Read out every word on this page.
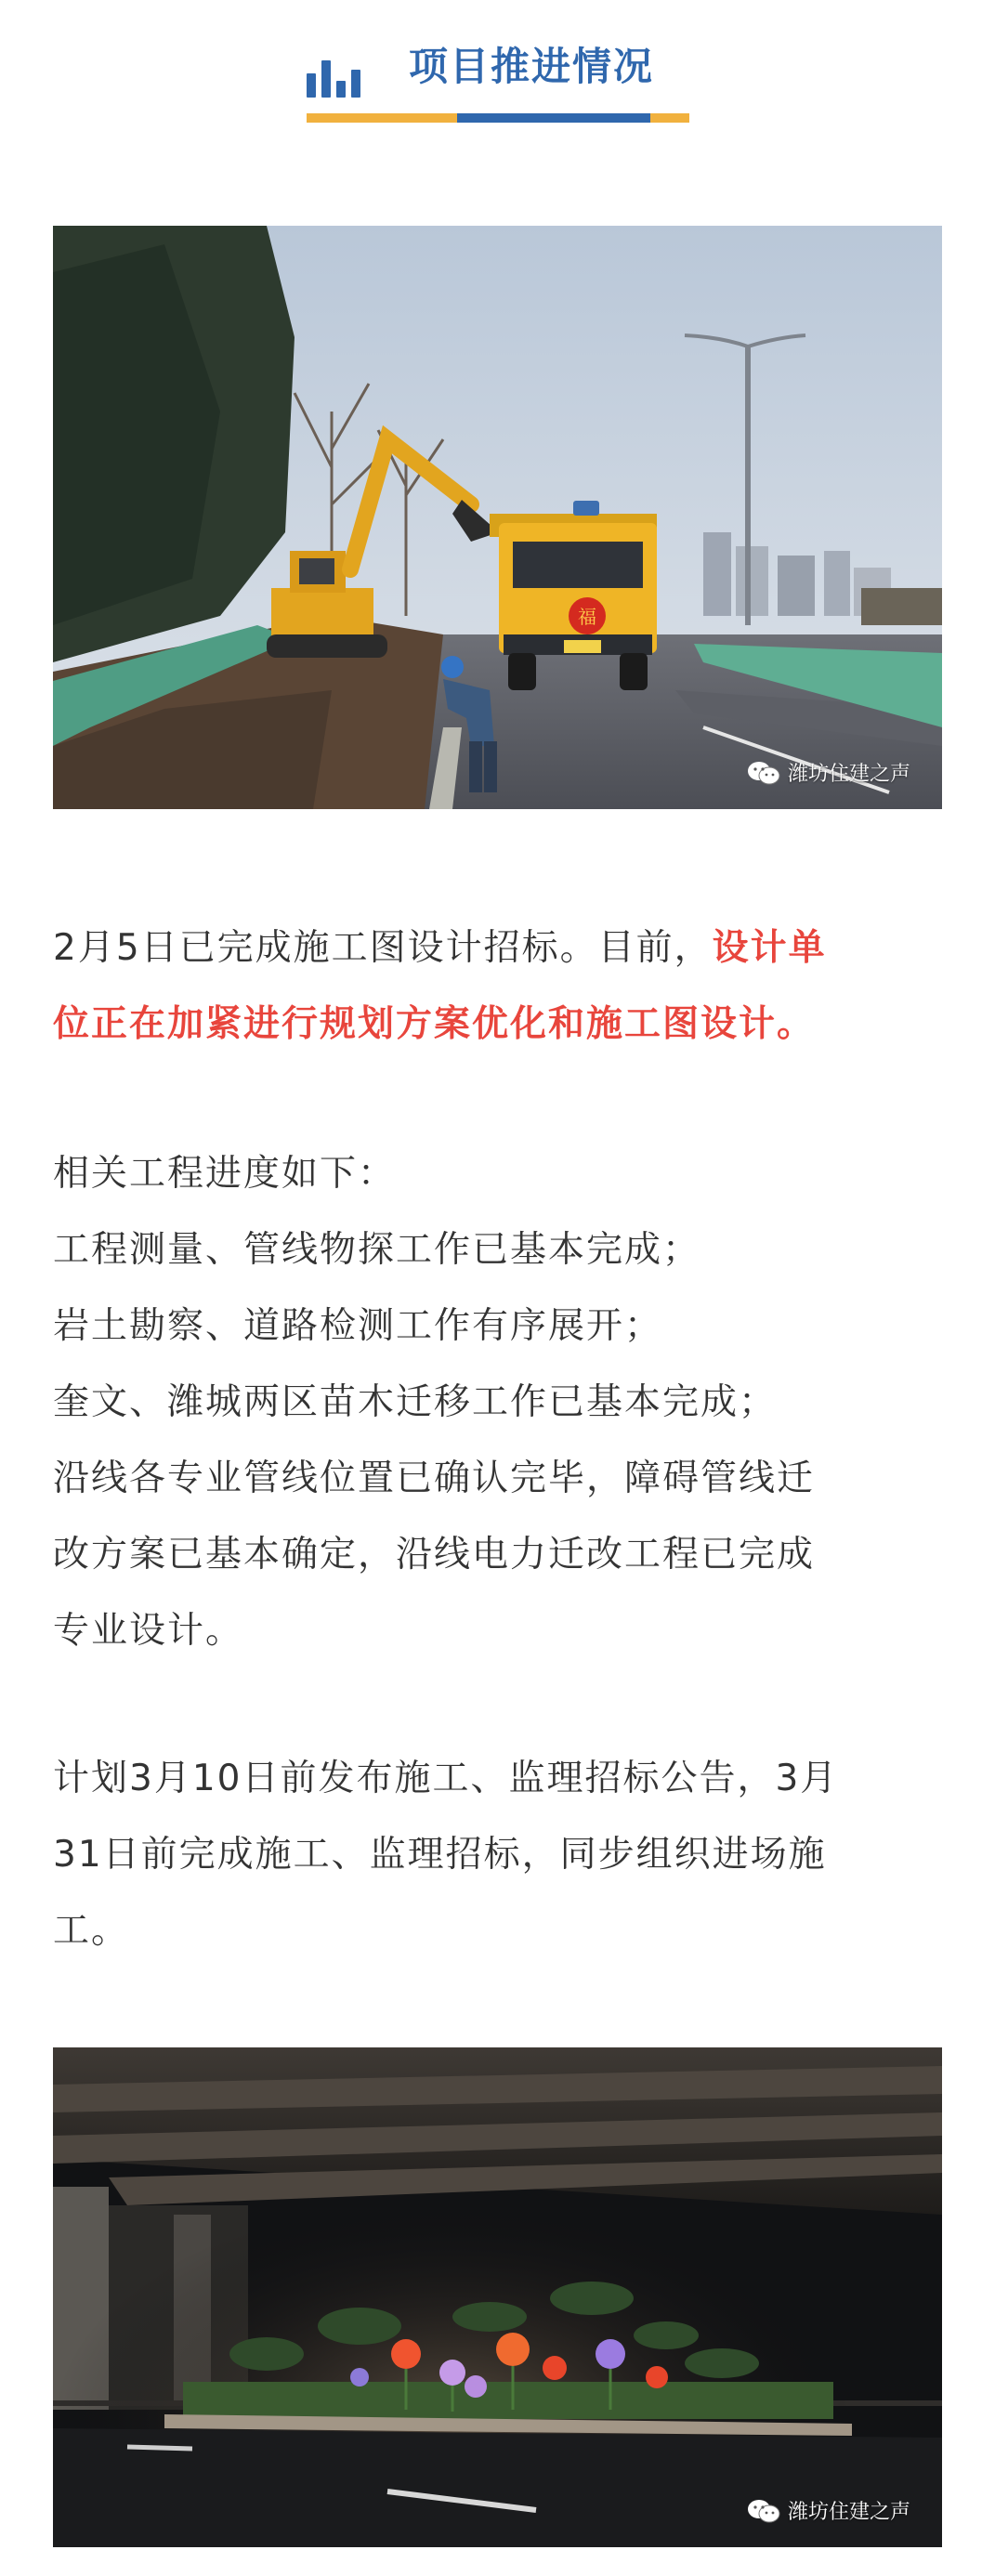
项目推进情况
福
潍坊住建之声
2月5日已完成施工图设计招标。目前，设计单
位正在加紧进行规划方案优化和施工图设计。
相关工程进度如下：
工程测量、管线物探工作已基本完成；
岩土勘察、道路检测工作有序展开；
奎文、潍城两区苗木迁移工作已基本完成；
沿线各专业管线位置已确认完毕，障碍管线迁
改方案已基本确定，沿线电力迁改工程已完成
专业设计。
计划3月10日前发布施工、监理招标公告，3月
31日前完成施工、监理招标，同步组织进场施
工。
潍坊住建之声
